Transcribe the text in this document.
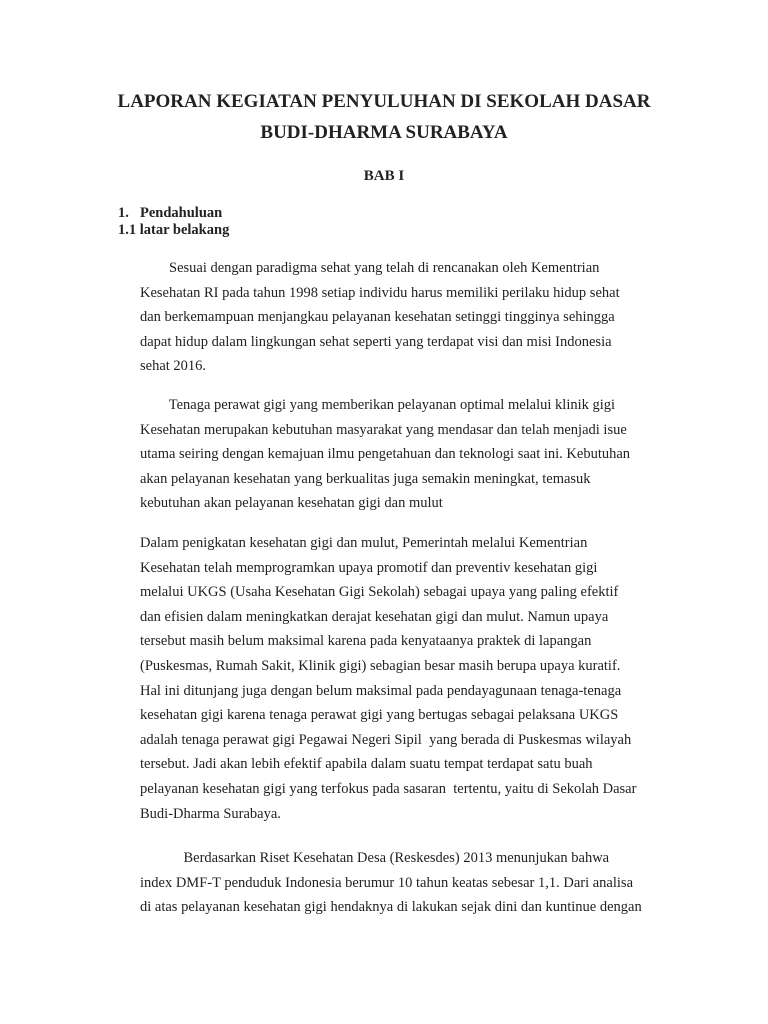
LAPORAN KEGIATAN PENYULUHAN DI SEKOLAH DASAR
BUDI-DHARMA SURABAYA
BAB I
1. Pendahuluan
1.1 latar belakang
Sesuai dengan paradigma sehat yang telah di rencanakan oleh Kementrian
Kesehatan RI pada tahun 1998 setiap individu harus memiliki perilaku hidup sehat
dan berkemampuan menjangkau pelayanan kesehatan setinggi tingginya sehingga
dapat hidup dalam lingkungan sehat seperti yang terdapat visi dan misi Indonesia
sehat 2016.
Tenaga perawat gigi yang memberikan pelayanan optimal melalui klinik gigi
Kesehatan merupakan kebutuhan masyarakat yang mendasar dan telah menjadi isue
utama seiring dengan kemajuan ilmu pengetahuan dan teknologi saat ini. Kebutuhan
akan pelayanan kesehatan yang berkualitas juga semakin meningkat, temasuk
kebutuhan akan pelayanan kesehatan gigi dan mulut
Dalam penigkatan kesehatan gigi dan mulut, Pemerintah melalui Kementrian
Kesehatan telah memprogramkan upaya promotif dan preventiv kesehatan gigi
melalui UKGS (Usaha Kesehatan Gigi Sekolah) sebagai upaya yang paling efektif
dan efisien dalam meningkatkan derajat kesehatan gigi dan mulut. Namun upaya
tersebut masih belum maksimal karena pada kenyataanya praktek di lapangan
(Puskesmas, Rumah Sakit, Klinik gigi) sebagian besar masih berupa upaya kuratif.
Hal ini ditunjang juga dengan belum maksimal pada pendayagunaan tenaga-tenaga
kesehatan gigi karena tenaga perawat gigi yang bertugas sebagai pelaksana UKGS
adalah tenaga perawat gigi Pegawai Negeri Sipil  yang berada di Puskesmas wilayah
tersebut. Jadi akan lebih efektif apabila dalam suatu tempat terdapat satu buah
pelayanan kesehatan gigi yang terfokus pada sasaran  tertentu, yaitu di Sekolah Dasar
Budi-Dharma Surabaya.
Berdasarkan Riset Kesehatan Desa (Reskesdes) 2013 menunjukan bahwa
index DMF-T penduduk Indonesia berumur 10 tahun keatas sebesar 1,1. Dari analisa
di atas pelayanan kesehatan gigi hendaknya di lakukan sejak dini dan kuntinue dengan
